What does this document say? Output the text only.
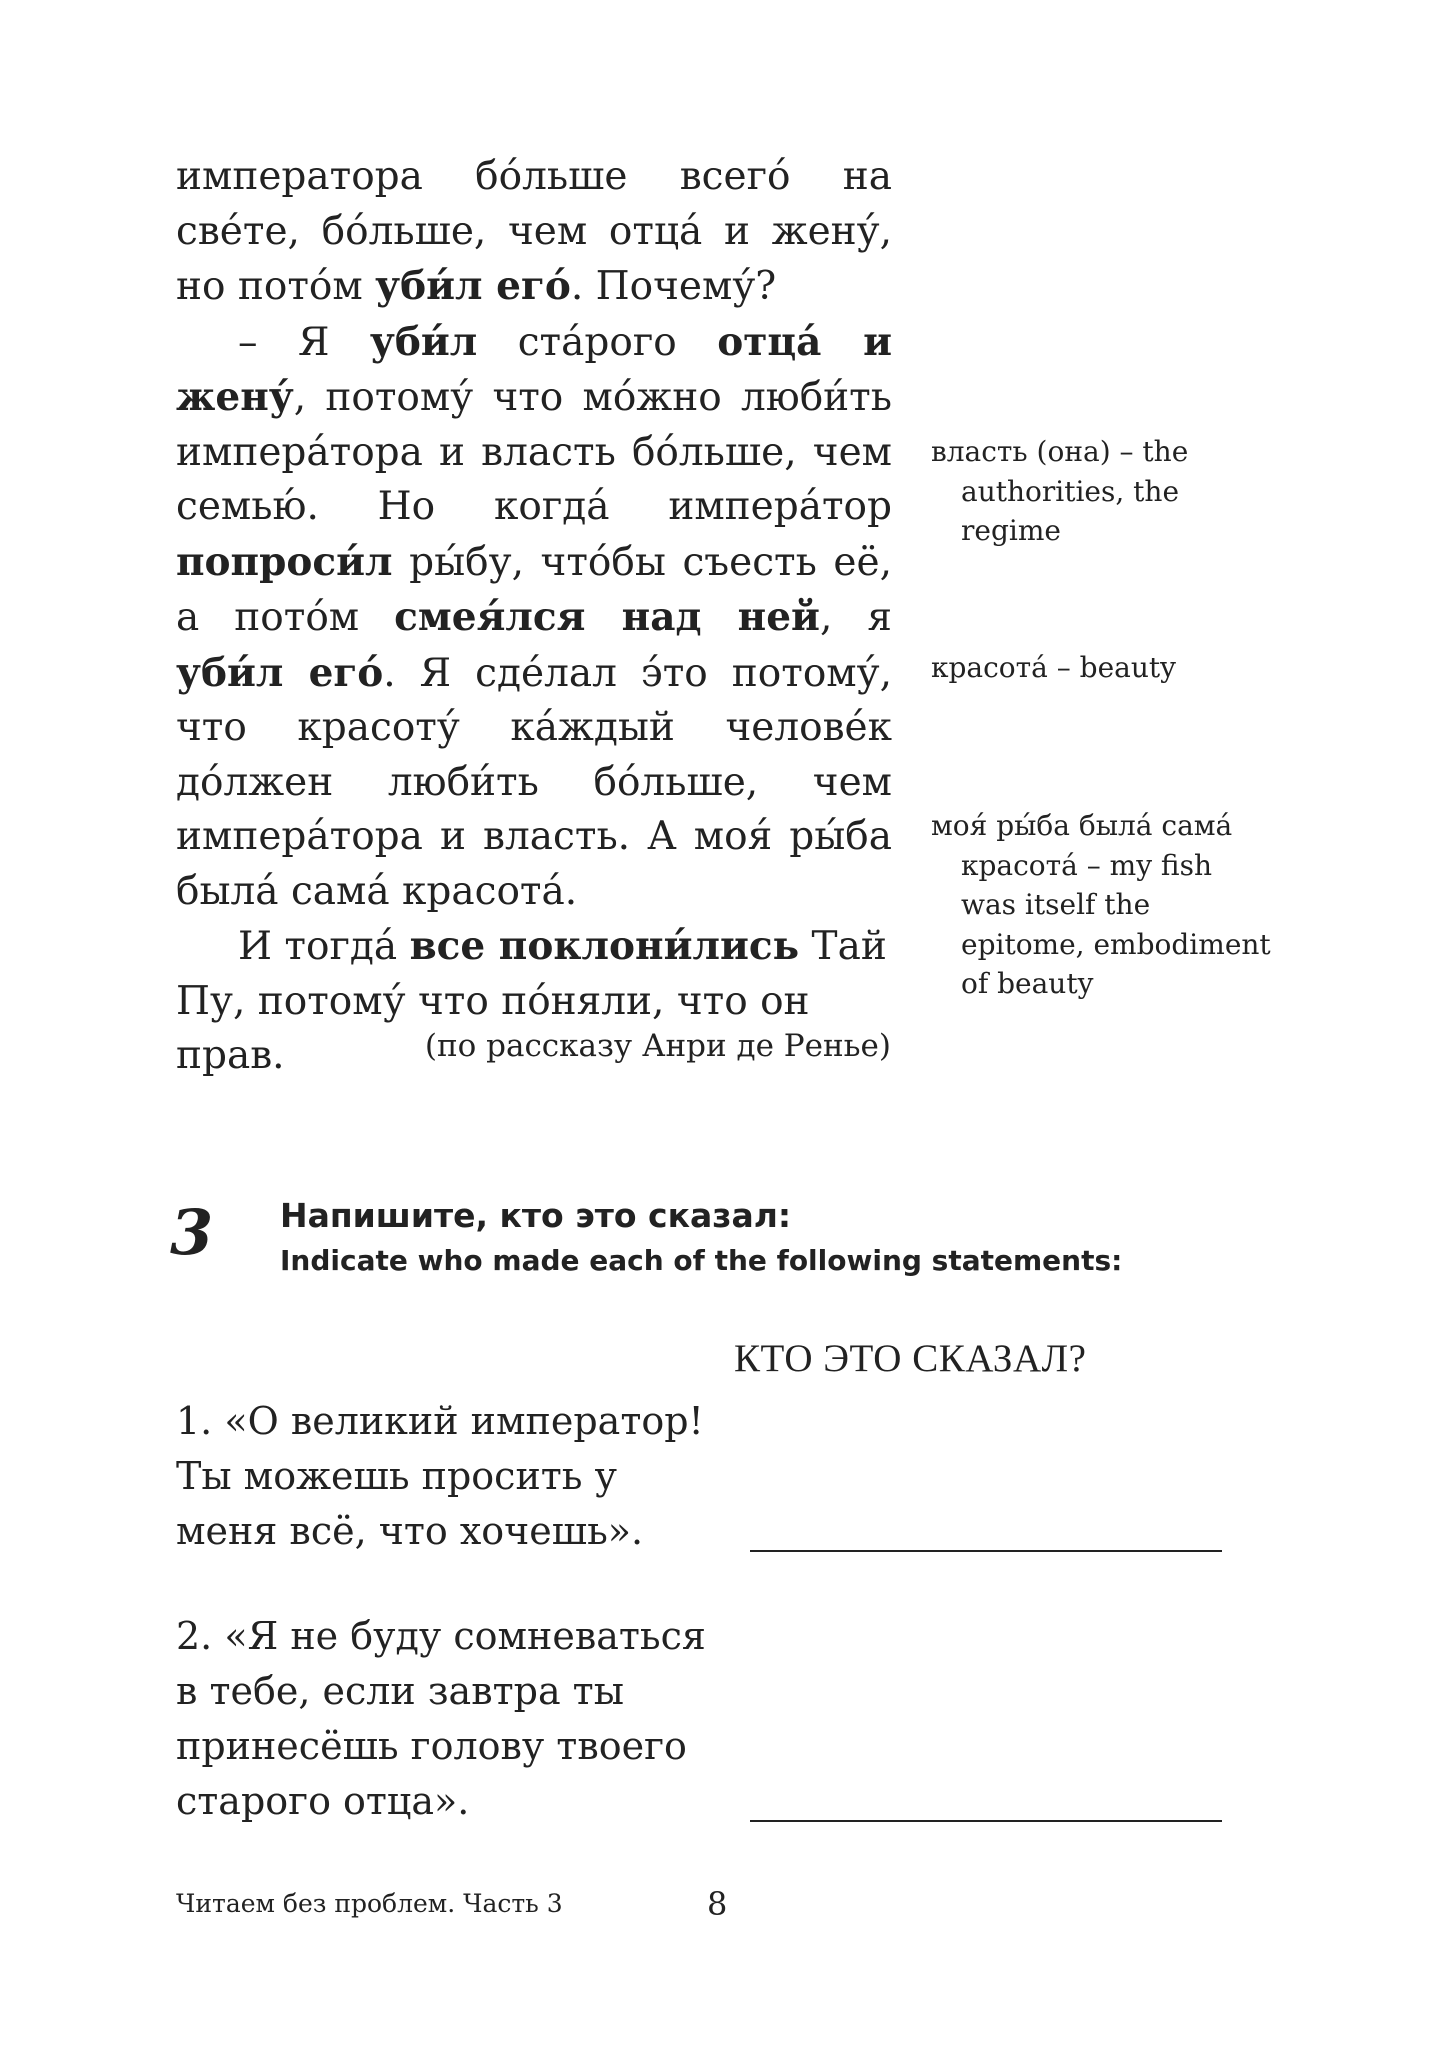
императора бо́льше всего́ на све́те, бо́льше, чем отца́ и жену́, но пото́м уби́л его́. Почему́?

– Я уби́л ста́рого отца́ и жену́, потому́ что мо́жно люби́ть импера́тора и власть бо́льше, чем семью́. Но когда́ импера́тор попроси́л ры́бу, что́бы съесть её, а пото́м смея́лся над ней, я уби́л его́. Я сде́лал э́то потому́, что красоту́ ка́ждый челове́к до́лжен люби́ть бо́льше, чем импера́тора и власть. А моя́ ры́ба была́ сама́ красота́.

И тогда́ все поклони́лись Тай Пу, потому́ что по́няли, что он прав.	(по рассказу Анри де Ренье)
власть (она) – the authorities, the regime
красота́ – beauty
моя́ ры́ба была́ сама́ красота́ – my fish was itself the epitome, embodiment of beauty
3 Напишите, кто это сказал:
Indicate who made each of the following statements:
КТО ЭТО СКАЗАЛ?
1. «О великий император! Ты можешь просить у меня всё, что хочешь».
2. «Я не буду сомневаться в тебе, если завтра ты принесёшь голову твоего старого отца».
Читаем без проблем. Часть 3	8
